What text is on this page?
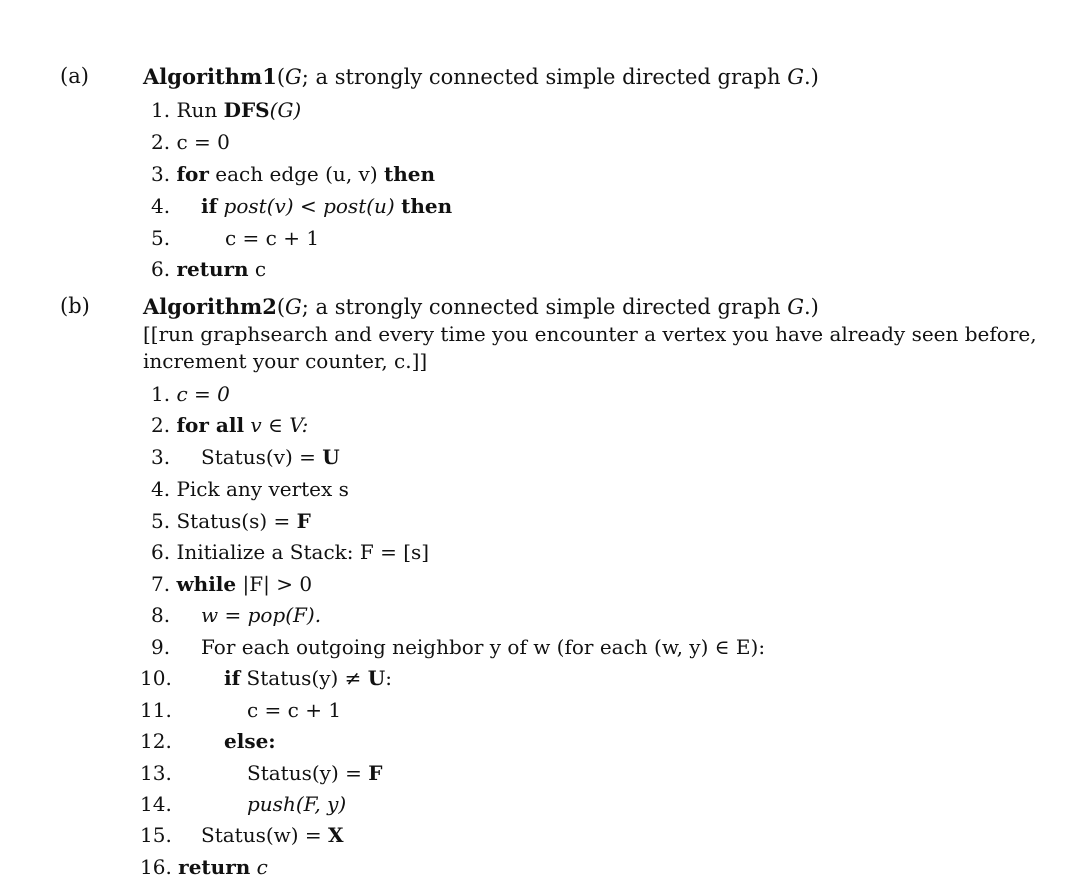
(a)	Algorithm1(G; a strongly connected simple directed graph G.)
1. Run DFS(G)
2. c = 0
3. for each edge (u, v) then
4. if post(v) < post(u) then
5.	c = c + 1
6. return c
(b)	Algorithm2(G; a strongly connected simple directed graph G.)
[[run graphsearch and every time you encounter a vertex you have already seen before,
increment your counter, c.]]
1. c = 0
2. for all v ∈ V:
3. Status(v) = U
4. Pick any vertex s
5. Status(s) = F
6. Initialize a Stack: F = [s]
7. while |F| > 0
8. w = pop(F).
9. For each outgoing neighbor y of w (for each (w, y) ∈ E):
10.	if Status(y) ≠ U:
11.	c = c + 1
12.	else:
13.	Status(y) = F
14.	push(F, y)
15. Status(w) = X
16. return c
